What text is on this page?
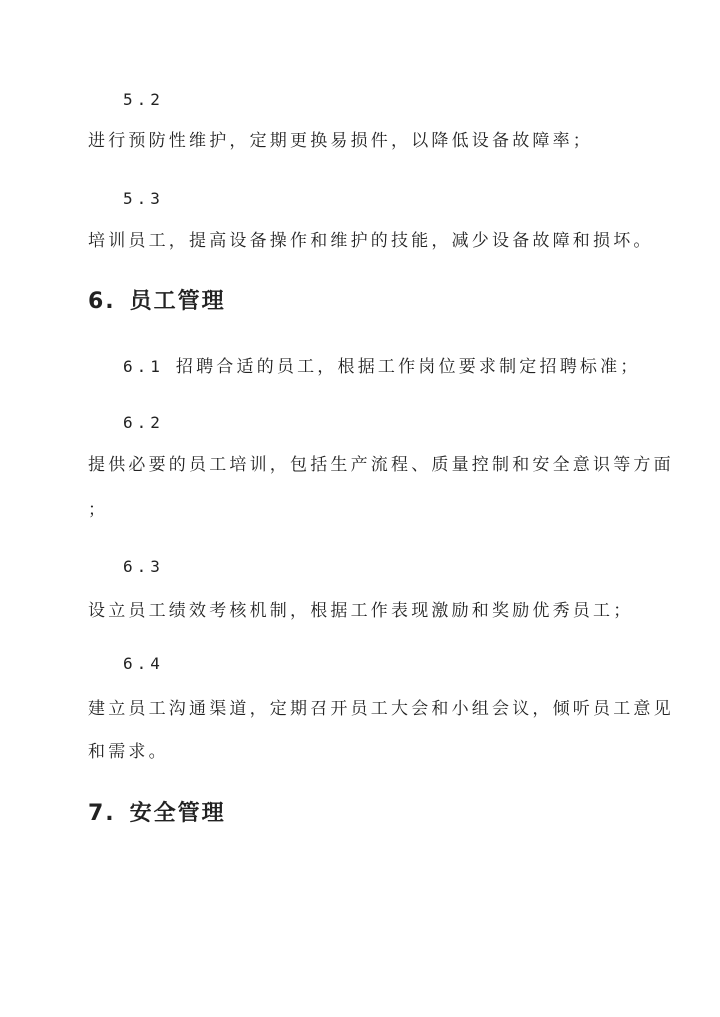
5.2
进行预防性维护，定期更换易损件，以降低设备故障率；
5.3
培训员工，提高设备操作和维护的技能，减少设备故障和损坏。
6. 员工管理
6.1 招聘合适的员工，根据工作岗位要求制定招聘标准；
6.2
提供必要的员工培训，包括生产流程、质量控制和安全意识等方面
；
6.3
设立员工绩效考核机制，根据工作表现激励和奖励优秀员工；
6.4
建立员工沟通渠道，定期召开员工大会和小组会议，倾听员工意见
和需求。
7. 安全管理
